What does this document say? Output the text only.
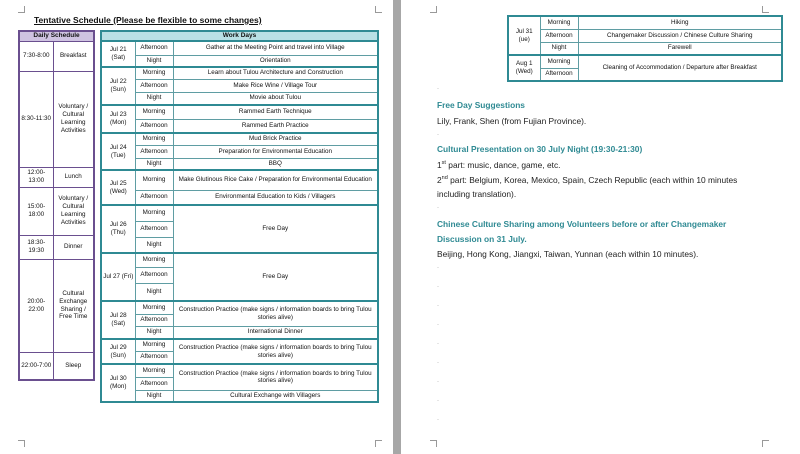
Tentative Schedule (Please be flexible to some changes)
Daily Schedule	
7:30-8:00	Breakfast
8:30-11:30	Voluntary / Cultural Learning Activities
12:00-13:00	Lunch
15:00-18:00	Voluntary / Cultural Learning Activities
18:30-19:30	Dinner
20:00-22:00	Cultural Exchange Sharing / Free Time
22:00-7:00	Sleep
Work Days		
Jul 21 (Sat)	Afternoon	Gather at the Meeting Point and travel into Village
	Night	Orientation
Jul 22 (Sun)	Morning	Learn about Tulou Architecture and Construction
	Afternoon	Make Rice Wine / Village Tour
	Night	Movie about Tulou
Jul 23 (Mon)	Morning	Rammed Earth Technique
	Afternoon	Rammed Earth Practice
Jul 24 (Tue)	Morning	Mud Brick Practice
	Afternoon	Preparation for Environmental Education
	Night	BBQ
Jul 25 (Wed)	Morning	Make Glutinous Rice Cake / Preparation for Environmental Education
	Afternoon	Environmental Education to Kids / Villagers
Jul 26 (Thu)	Morning	Free Day
	Afternoon	
	Night	
Jul 27 (Fri)	Morning	Free Day
	Afternoon	
	Night	
Jul 28 (Sat)	Morning	Construction Practice (make signs / information boards to bring Tulou stories alive)
	Afternoon	
	Night	International Dinner
Jul 29 (Sun)	Morning	Construction Practice (make signs / information boards to bring Tulou stories alive)
	Afternoon	
Jul 30 (Mon)	Morning	Construction Practice (make signs / information boards to bring Tulou stories alive)
	Afternoon	
	Night	Cultural Exchange with Villagers
Jul 31 (ue)	Morning	Hiking
	Afternoon	Changemaker Discussion / Chinese Culture Sharing
	Night	Farewell
Aug 1 (Wed)	Morning	Cleaning of Accommodation / Departure after Breakfast
	Afternoon	
·
Free Day Suggestions
Lily, Frank, Shen (from Fujian Province).
·
Cultural Presentation on 30 July Night (19:30-21:30)
1st part: music, dance, game, etc.
2nd part: Belgium, Korea, Mexico, Spain, Czech Republic (each within 10 minutes
including translation).
·
Chinese Culture Sharing among Volunteers before or after Changemaker
Discussion on 31 July.
Beijing, Hong Kong, Jiangxi, Taiwan, Yunnan (each within 10 minutes).
·
·
·
·
·
·
·
·
·
